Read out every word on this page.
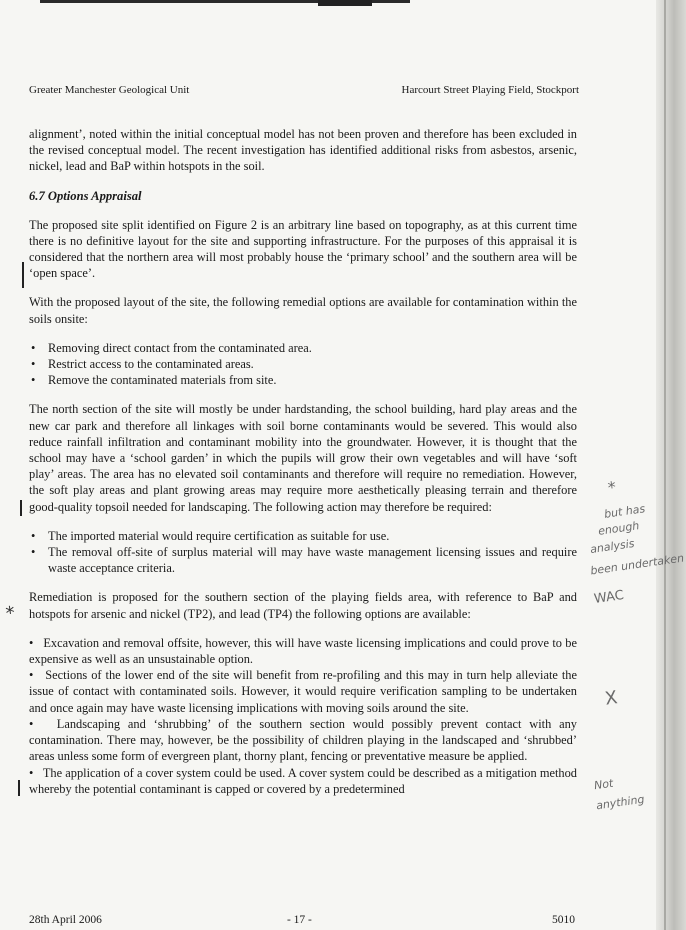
Greater Manchester Geological Unit	Harcourt Street Playing Field, Stockport

alignment’, noted within the initial conceptual model has not been proven and therefore has been excluded in the revised conceptual model. The recent investigation has identified additional risks from asbestos, arsenic, nickel, lead and BaP within hotspots in the soil.

6.7 Options Appraisal

The proposed site split identified on Figure 2 is an arbitrary line based on topography, as at this current time there is no definitive layout for the site and supporting infrastructure. For the purposes of this appraisal it is considered that the northern area will most probably house the ‘primary school’ and the southern area will be ‘open space’.

With the proposed layout of the site, the following remedial options are available for contamination within the soils onsite:

• Removing direct contact from the contaminated area.
• Restrict access to the contaminated areas.
• Remove the contaminated materials from site.

The north section of the site will mostly be under hardstanding, the school building, hard play areas and the new car park and therefore all linkages with soil borne contaminants would be severed. This would also reduce rainfall infiltration and contaminant mobility into the groundwater. However, it is thought that the school may have a ‘school garden’ in which the pupils will grow their own vegetables and will have ‘soft play’ areas. The area has no elevated soil contaminants and therefore will require no remediation. However, the soft play areas and plant growing areas may require more aesthetically pleasing terrain and therefore good-quality topsoil needed for landscaping. The following action may therefore be required:

• The imported material would require certification as suitable for use.
• The removal off-site of surplus material will may have waste management licensing issues and require waste acceptance criteria.

Remediation is proposed for the southern section of the playing fields area, with reference to BaP and hotspots for arsenic and nickel (TP2), and lead (TP4) the following options are available:

•   Excavation and removal offsite, however, this will have waste licensing implications and could prove to be expensive as well as an unsustainable option.
•   Sections of the lower end of the site will benefit from re-profiling and this may in turn help alleviate the issue of contact with contaminated soils. However, it would require verification sampling to be undertaken and once again may have waste licensing implications with moving soils around the site.
•   Landscaping and ‘shrubbing’ of the southern section would possibly prevent contact with any contamination. There may, however, be the possibility of children playing in the landscaped and ‘shrubbed’ areas unless some form of evergreen plant, thorny plant, fencing or preventative measure be applied.
•   The application of a cover system could be used. A cover system could be described as a mitigation method whereby the potential contaminant is capped or covered by a predetermined
*
*
but has
enough
analysis
been undertaken
WAC
X
Not
anything
28th April 2006	- 17 -	5010
